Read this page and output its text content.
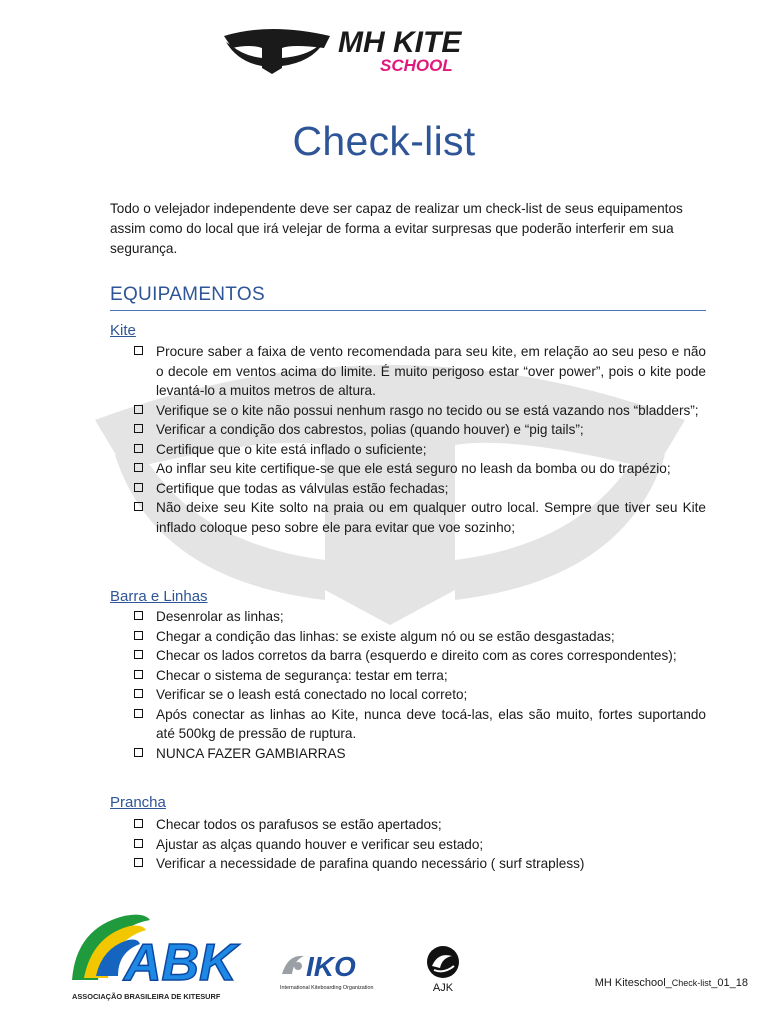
MH KITE
SCHOOL
Check-list
Todo o velejador independente deve ser capaz de realizar um check-list de seus equipamentos assim como do local que irá velejar de forma a evitar surpresas que poderão interferir em sua segurança.
EQUIPAMENTOS
Kite
Procure saber a faixa de vento recomendada para seu kite, em relação ao seu peso e não o decole em ventos acima do limite. É muito perigoso estar “over power”, pois o kite pode levantá-lo a muitos metros de altura.
Verifique se o kite não possui nenhum rasgo no tecido ou se está vazando nos “bladders”;
Verificar a condição dos cabrestos, polias (quando houver) e “pig tails”;
Certifique que o kite está inflado o suficiente;
Ao inflar seu kite certifique-se que ele está seguro no leash da bomba ou do trapézio;
Certifique que todas as válvulas estão fechadas;
Não deixe seu Kite solto na praia ou em qualquer outro local. Sempre que tiver seu Kite inflado coloque peso sobre ele para evitar que voe sozinho;
Barra e Linhas
Desenrolar as linhas;
Chegar a condição das linhas: se existe algum nó ou se estão desgastadas;
Checar os lados corretos da barra (esquerdo e direito com as cores correspondentes);
Checar o sistema de segurança: testar em terra;
Verificar se o leash está conectado no local correto;
Após conectar as linhas ao Kite, nunca deve tocá-las, elas são muito, fortes suportando até 500kg de pressão de ruptura.
NUNCA FAZER GAMBIARRAS
Prancha
Checar todos os parafusos se estão apertados;
Ajustar as alças quando houver e verificar seu estado;
Verificar a necessidade de parafina quando necessário ( surf strapless)
ABK
ASSOCIAÇÃO BRASILEIRA DE KITESURF
IKO
International Kiteboarding Organization	AJK	MH Kiteschool_Check-list_01_18
